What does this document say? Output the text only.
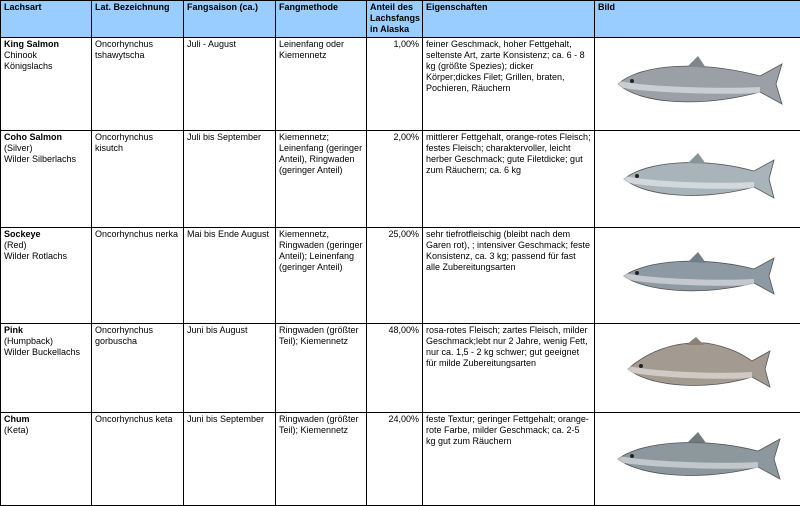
Lachsart	Lat. Bezeichnung	Fangsaison (ca.)	Fangmethode	Anteil des Lachsfangs in Alaska	Eigenschaften	Bild

King Salmon
Chinook
Königslachs	Oncorhynchus tshawytscha	Juli - August	Leinenfang oder Kiemennetz	1,00%	feiner Geschmack, hoher Fettgehalt, seltenste Art, zarte Konsistenz; ca. 6 - 8 kg (größte Spezies); dicker Körper;dickes Filet; Grillen, braten, Pochieren, Räuchern	

Coho Salmon
(Silver)
Wilder Silberlachs	Oncorhynchus kisutch	Juli bis September	Kiemennetz; Leinenfang (geringer Anteil), Ringwaden (geringer Anteil)	2,00%	mittlerer Fettgehalt, orange-rotes Fleisch; festes Fleisch; charaktervoller, leicht herber Geschmack; gute Filetdicke; gut zum Räuchern; ca. 6 kg	

Sockeye
(Red)
Wilder Rotlachs	Oncorhynchus nerka	Mai bis Ende August	Kiemennetz, Ringwaden (geringer Anteil); Leinenfang (geringer Anteil)	25,00%	sehr tiefrotfleischig (bleibt nach dem Garen rot), ; intensiver Geschmack; feste Konsistenz, ca. 3 kg; passend für fast alle Zubereitungsarten	

Pink
(Humpback)
Wilder Buckellachs	Oncorhynchus gorbuscha	Juni bis August	Ringwaden (größter Teil); Kiemennetz	48,00%	rosa-rotes Fleisch; zartes Fleisch, milder Geschmack;lebt nur 2 Jahre, wenig Fett, nur ca. 1,5 - 2 kg schwer; gut geeignet für milde Zubereitungsarten	

Chum
(Keta)	Oncorhynchus keta	Juni bis September	Ringwaden (größter Teil); Kiemennetz	24,00%	feste Textur; geringer Fettgehalt; orange-rote Farbe, milder Geschmack; ca. 2-5 kg gut zum Räuchern	
